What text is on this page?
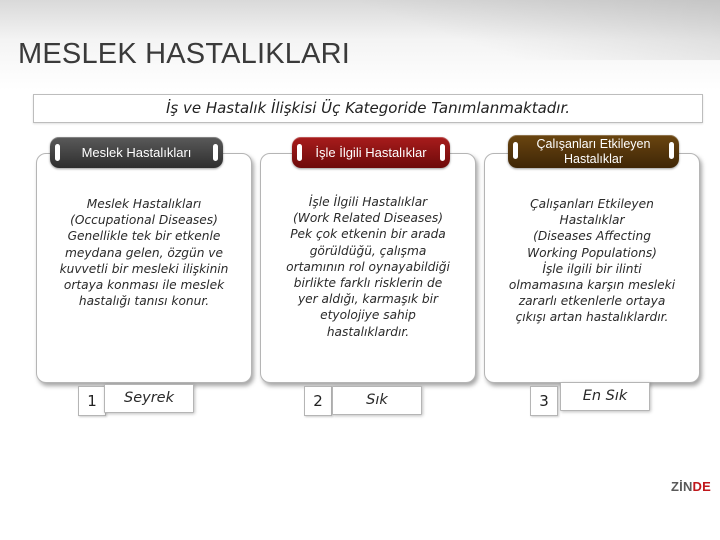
MESLEK HASTALIKLARI
İş ve Hastalık İlişkisi Üç Kategoride Tanımlanmaktadır.
Meslek Hastalıkları
(Occupational Diseases)
Genellikle tek bir etkenle
meydana gelen, özgün ve
kuvvetli bir mesleki ilişkinin
ortaya konması ile meslek
hastalığı tanısı konur.
Meslek Hastalıkları
1	Seyrek
İşle İlgili Hastalıklar
(Work Related Diseases)
Pek çok etkenin bir arada
görüldüğü, çalışma
ortamının rol oynayabildiği
birlikte farklı risklerin de
yer aldığı, karmaşık bir
etyolojiye sahip
hastalıklardır.
İşle İlgili Hastalıklar
2	Sık
Çalışanları Etkileyen
Hastalıklar
(Diseases Affecting
Working Populations)
İşle ilgili bir ilinti
olmamasına karşın mesleki
zararlı etkenlerle ortaya
çıkışı artan hastalıklardır.
Çalışanları Etkileyen Hastalıklar
3	En Sık
ZİNDE
